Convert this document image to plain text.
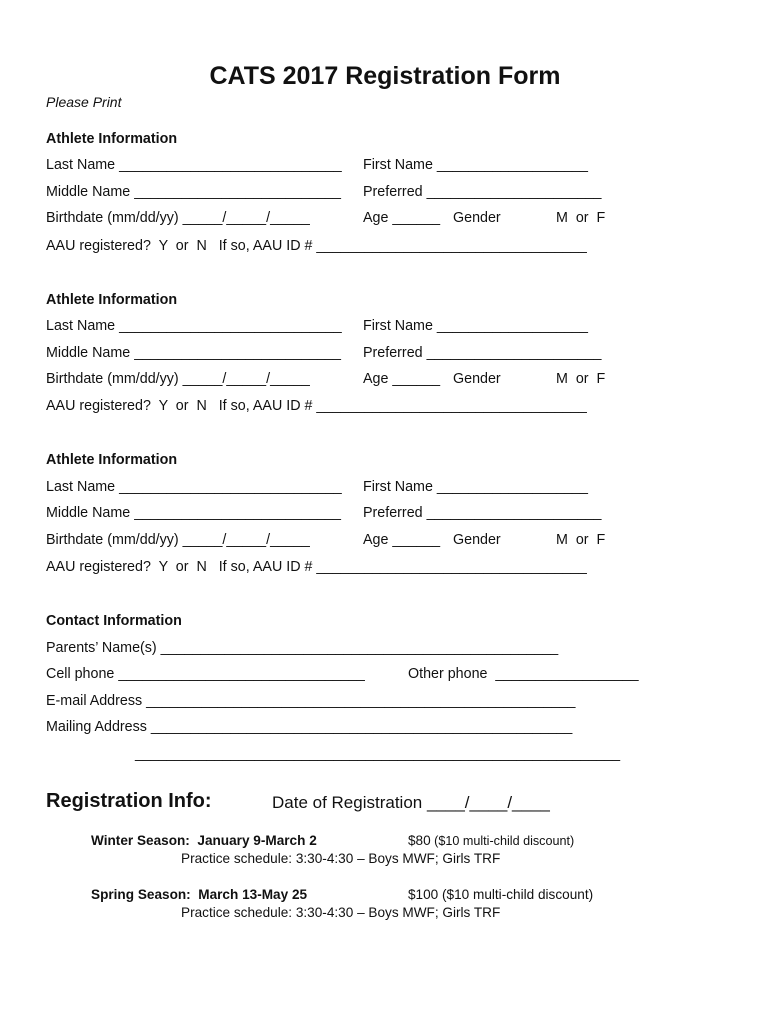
CATS 2017 Registration Form
Please Print
Athlete Information
Last Name ____________________________ First Name ___________________
Middle Name __________________________ Preferred ______________________
Birthdate (mm/dd/yy) _____/_____/_____	Age ______ Gender	M  or  F
AAU registered?  Y  or  N   If so, AAU ID # __________________________________
Athlete Information
Last Name ____________________________ First Name ___________________
Middle Name __________________________ Preferred ______________________
Birthdate (mm/dd/yy) _____/_____/_____	Age ______ Gender	M  or  F
AAU registered?  Y  or  N   If so, AAU ID # __________________________________
Athlete Information
Last Name ____________________________ First Name ___________________
Middle Name __________________________ Preferred ______________________
Birthdate (mm/dd/yy) _____/_____/_____	Age ______ Gender	M  or  F
AAU registered?  Y  or  N   If so, AAU ID # __________________________________
Contact Information
Parents’ Name(s) __________________________________________________
Cell phone _______________________________	Other phone  __________________
E-mail Address ______________________________________________________
Mailing Address _____________________________________________________
_____________________________________________________________
Registration Info:	Date of Registration ____/____/____
Winter Season:  January 9-March 2	$80 ($10 multi-child discount)
Practice schedule: 3:30-4:30 – Boys MWF; Girls TRF
Spring Season:  March 13-May 25	$100 ($10 multi-child discount)
Practice schedule: 3:30-4:30 – Boys MWF; Girls TRF
